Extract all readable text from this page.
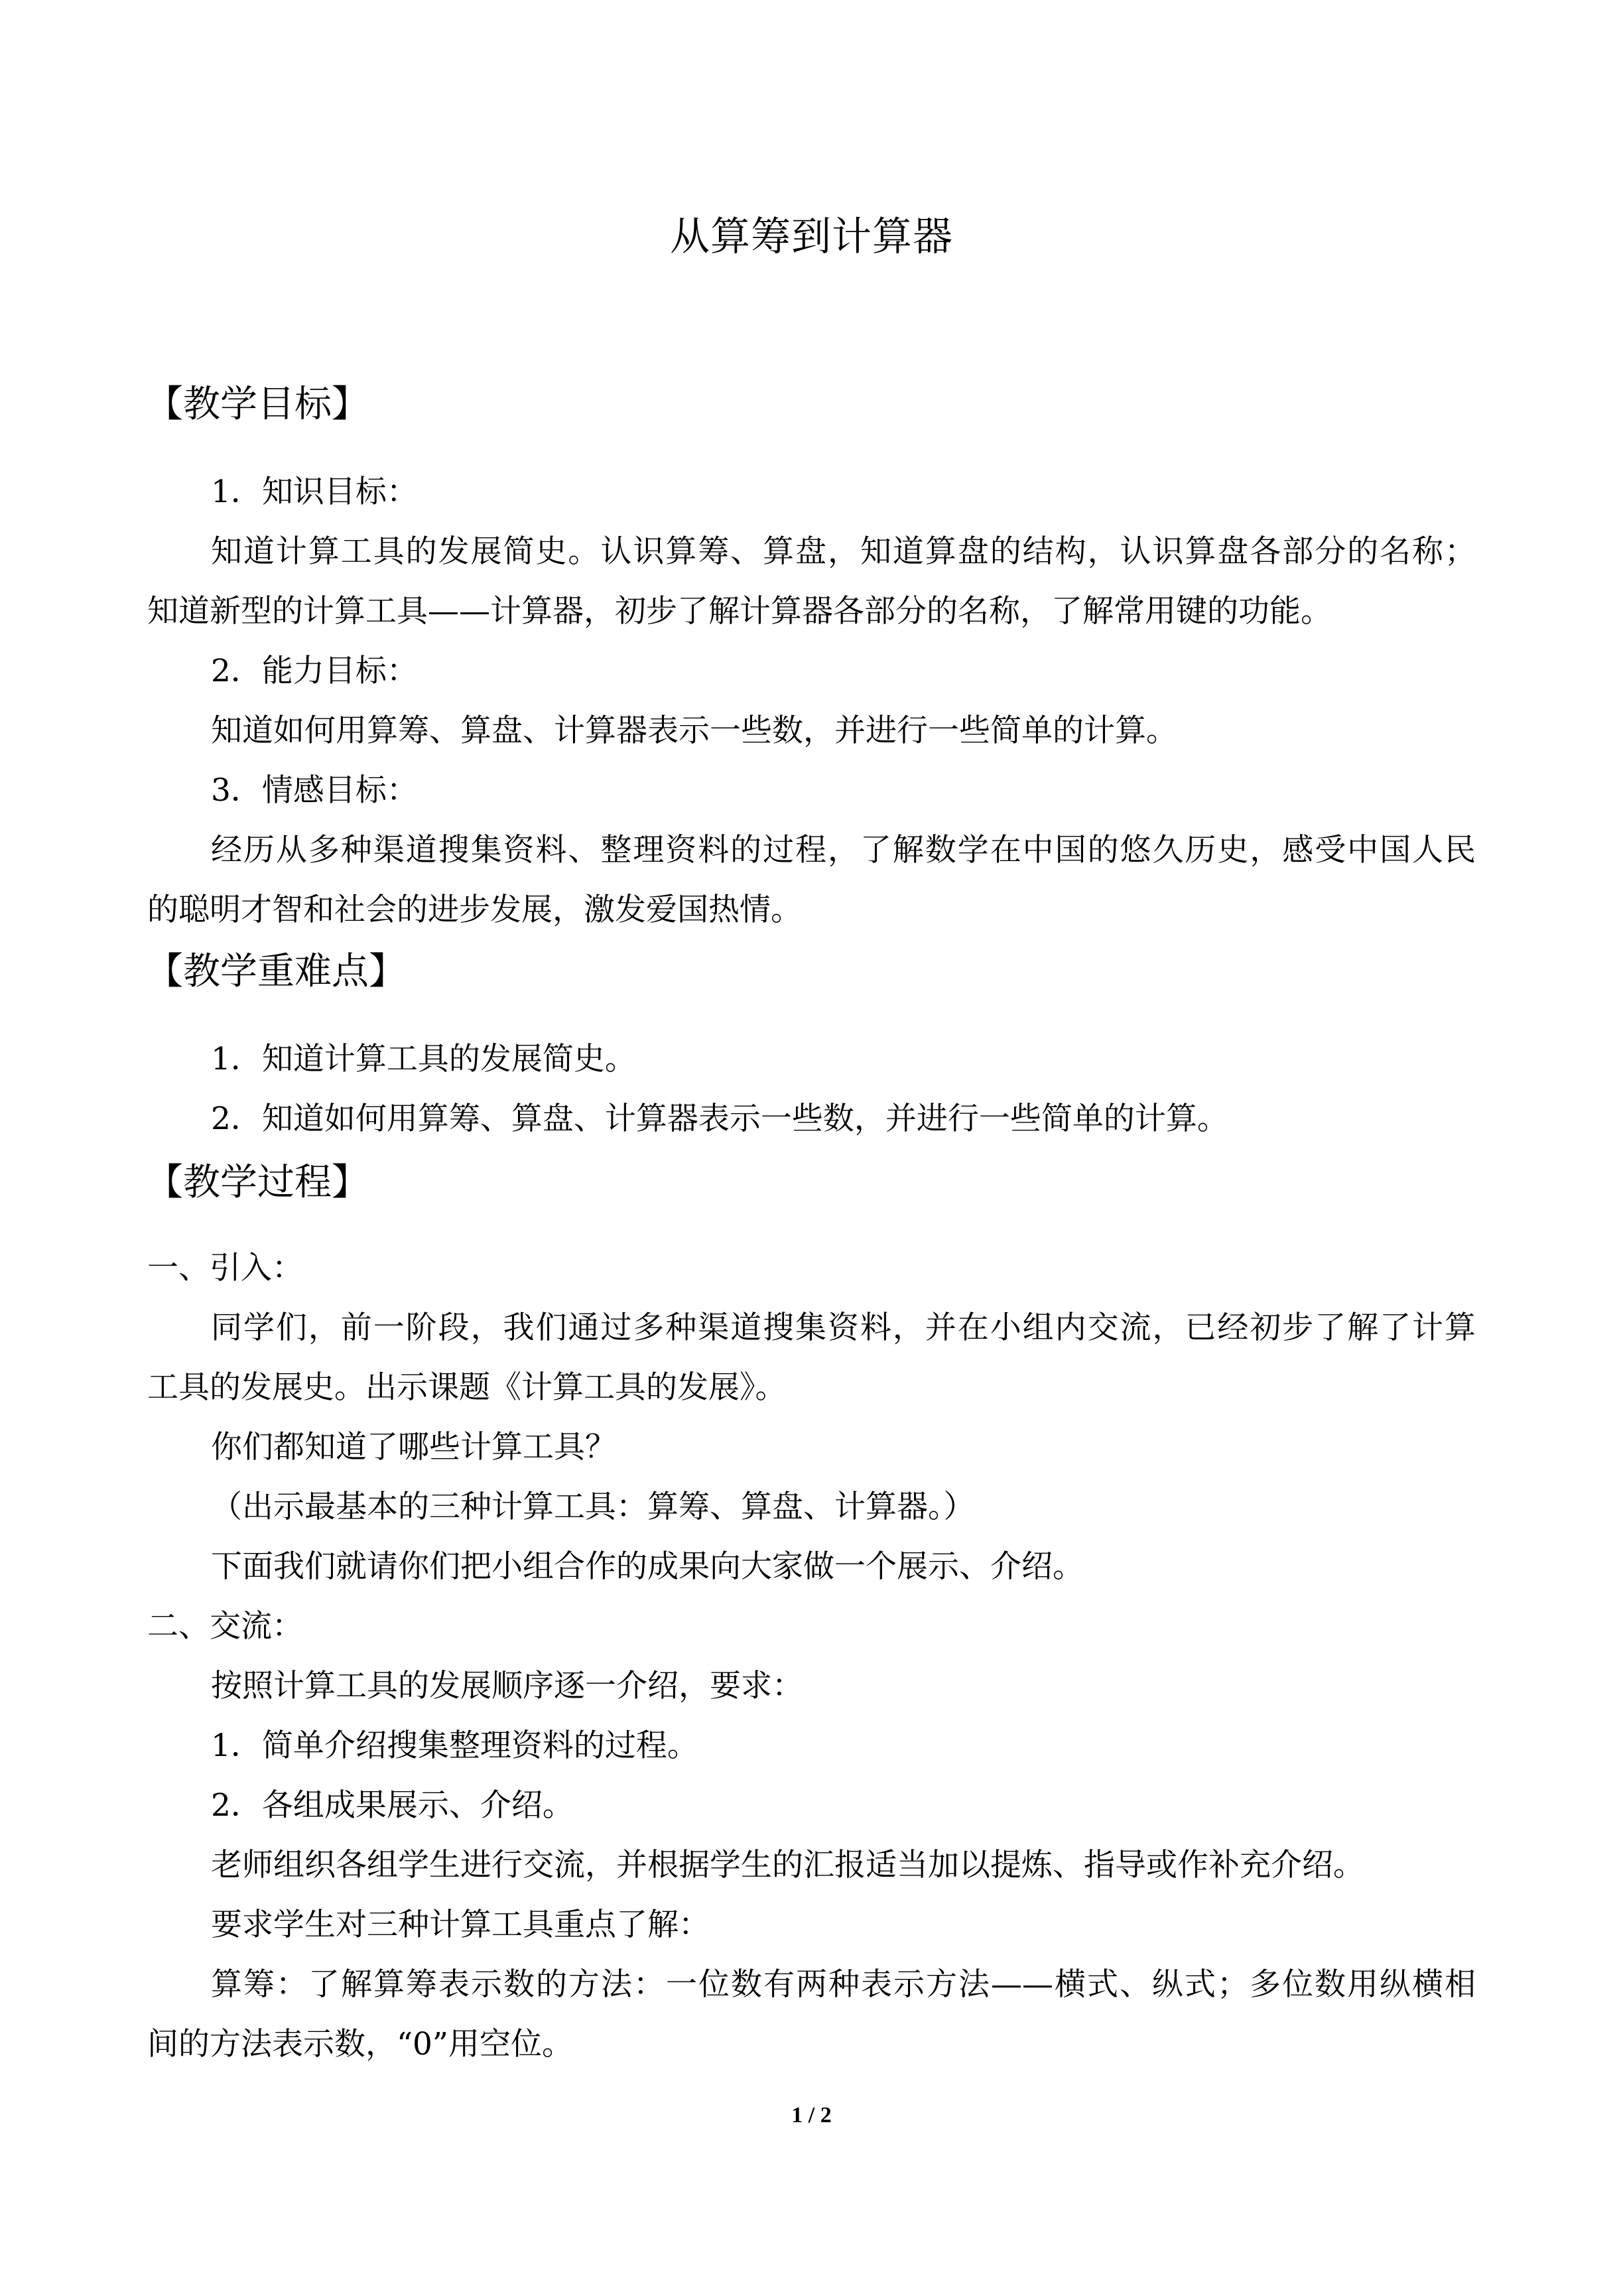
从算筹到计算器
【教学目标】
1．知识目标：
知道计算工具的发展简史。认识算筹、算盘，知道算盘的结构，认识算盘各部分的名称；
知道新型的计算工具——计算器，初步了解计算器各部分的名称，了解常用键的功能。
2．能力目标：
知道如何用算筹、算盘、计算器表示一些数，并进行一些简单的计算。
3．情感目标：
经历从多种渠道搜集资料、整理资料的过程，了解数学在中国的悠久历史，感受中国人民
的聪明才智和社会的进步发展，激发爱国热情。
【教学重难点】
1．知道计算工具的发展简史。
2．知道如何用算筹、算盘、计算器表示一些数，并进行一些简单的计算。
【教学过程】
一、引入：
同学们，前一阶段，我们通过多种渠道搜集资料，并在小组内交流，已经初步了解了计算
工具的发展史。出示课题《计算工具的发展》。
你们都知道了哪些计算工具？
（出示最基本的三种计算工具：算筹、算盘、计算器。）
下面我们就请你们把小组合作的成果向大家做一个展示、介绍。
二、交流：
按照计算工具的发展顺序逐一介绍，要求：
1．简单介绍搜集整理资料的过程。
2．各组成果展示、介绍。
老师组织各组学生进行交流，并根据学生的汇报适当加以提炼、指导或作补充介绍。
要求学生对三种计算工具重点了解：
算筹：了解算筹表示数的方法：一位数有两种表示方法——横式、纵式；多位数用纵横相
间的方法表示数，“0”用空位。
1 / 2
